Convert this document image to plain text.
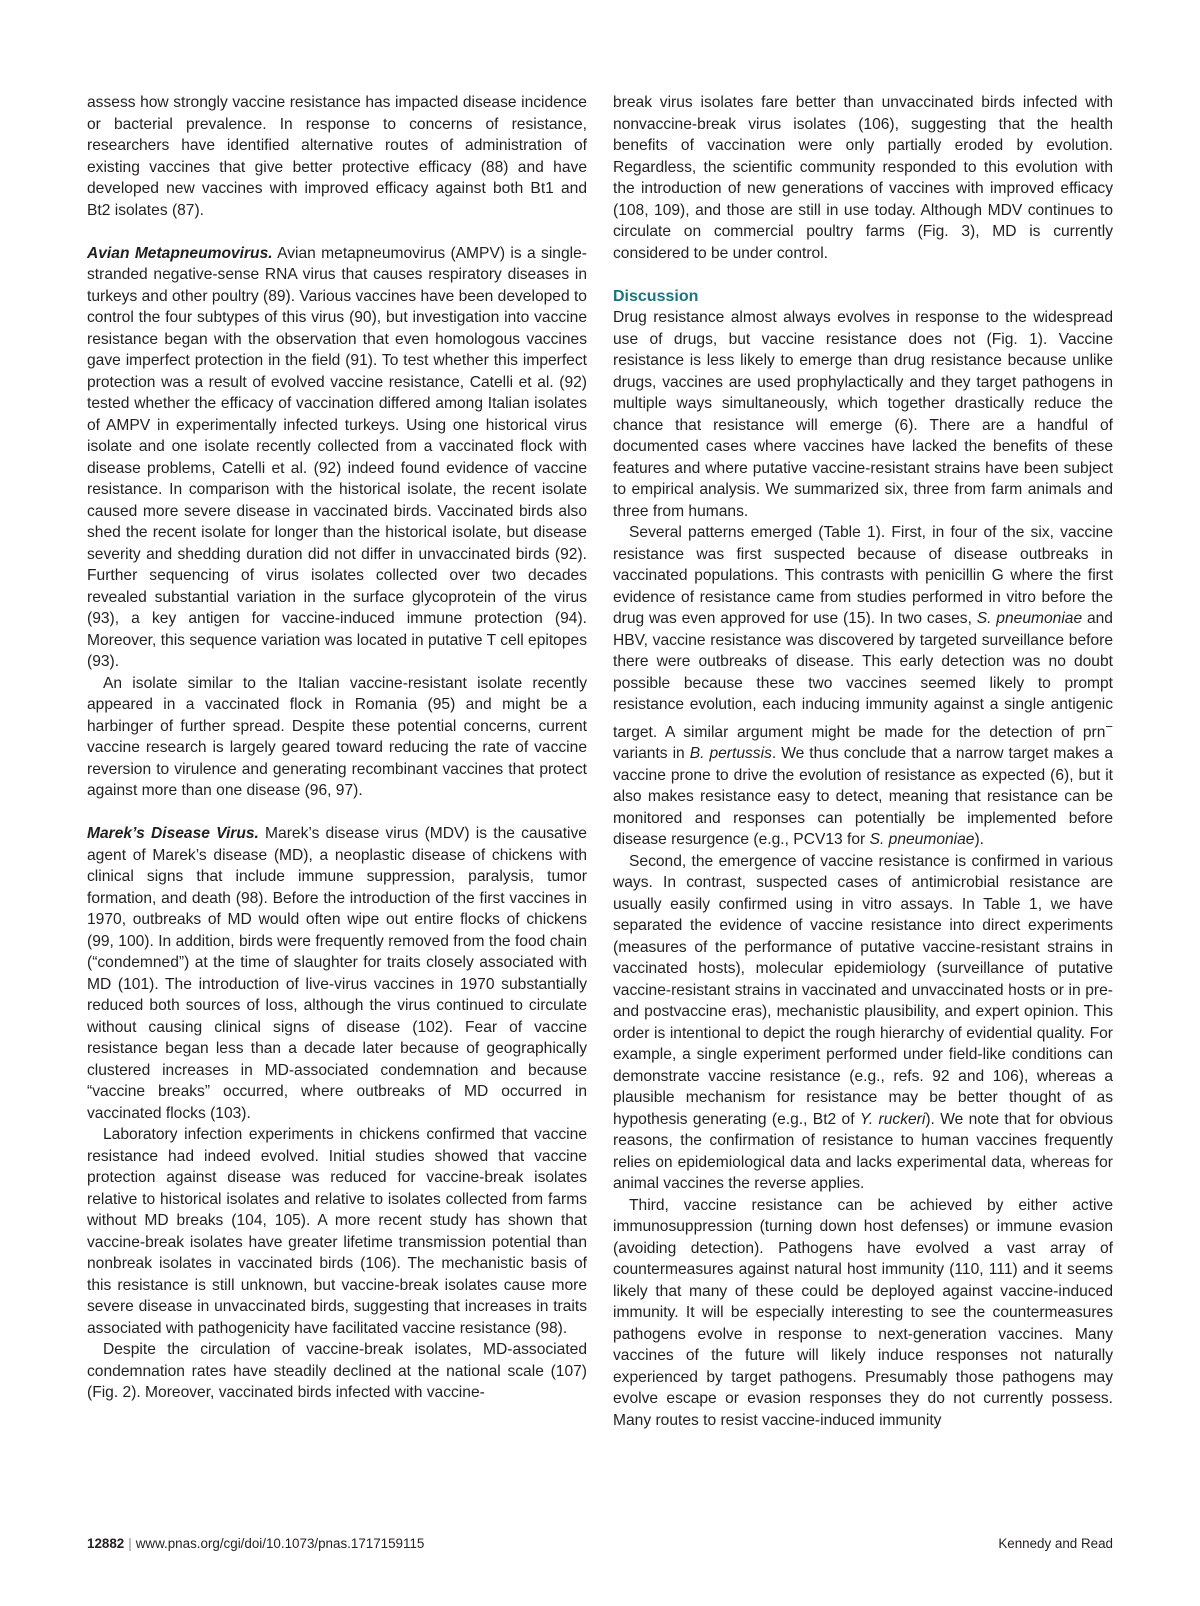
assess how strongly vaccine resistance has impacted disease incidence or bacterial prevalence. In response to concerns of resistance, researchers have identified alternative routes of administration of existing vaccines that give better protective efficacy (88) and have developed new vaccines with improved efficacy against both Bt1 and Bt2 isolates (87).

Avian Metapneumovirus. Avian metapneumovirus (AMPV) is a single-stranded negative-sense RNA virus that causes respiratory diseases in turkeys and other poultry (89). Various vaccines have been developed to control the four subtypes of this virus (90), but investigation into vaccine resistance began with the observation that even homologous vaccines gave imperfect protection in the field (91). To test whether this imperfect protection was a result of evolved vaccine resistance, Catelli et al. (92) tested whether the efficacy of vaccination differed among Italian isolates of AMPV in experimentally infected turkeys. Using one historical virus isolate and one isolate recently collected from a vaccinated flock with disease problems, Catelli et al. (92) indeed found evidence of vaccine resistance. In comparison with the historical isolate, the recent isolate caused more severe disease in vaccinated birds. Vaccinated birds also shed the recent isolate for longer than the historical isolate, but disease severity and shedding duration did not differ in unvaccinated birds (92). Further sequencing of virus isolates collected over two decades revealed substantial variation in the surface glycoprotein of the virus (93), a key antigen for vaccine-induced immune protection (94). Moreover, this sequence variation was located in putative T cell epitopes (93).

An isolate similar to the Italian vaccine-resistant isolate recently appeared in a vaccinated flock in Romania (95) and might be a harbinger of further spread. Despite these potential concerns, current vaccine research is largely geared toward reducing the rate of vaccine reversion to virulence and generating recombinant vaccines that protect against more than one disease (96, 97).

Marek’s Disease Virus. Marek’s disease virus (MDV) is the causative agent of Marek’s disease (MD), a neoplastic disease of chickens with clinical signs that include immune suppression, paralysis, tumor formation, and death (98). Before the introduction of the first vaccines in 1970, outbreaks of MD would often wipe out entire flocks of chickens (99, 100). In addition, birds were frequently removed from the food chain (“condemned”) at the time of slaughter for traits closely associated with MD (101). The introduction of live-virus vaccines in 1970 substantially reduced both sources of loss, although the virus continued to circulate without causing clinical signs of disease (102). Fear of vaccine resistance began less than a decade later because of geographically clustered increases in MD-associated condemnation and because “vaccine breaks” occurred, where outbreaks of MD occurred in vaccinated flocks (103).

Laboratory infection experiments in chickens confirmed that vaccine resistance had indeed evolved. Initial studies showed that vaccine protection against disease was reduced for vaccine-break isolates relative to historical isolates and relative to isolates collected from farms without MD breaks (104, 105). A more recent study has shown that vaccine-break isolates have greater lifetime transmission potential than nonbreak isolates in vaccinated birds (106). The mechanistic basis of this resistance is still unknown, but vaccine-break isolates cause more severe disease in unvaccinated birds, suggesting that increases in traits associated with pathogenicity have facilitated vaccine resistance (98).

Despite the circulation of vaccine-break isolates, MD-associated condemnation rates have steadily declined at the national scale (107) (Fig. 2). Moreover, vaccinated birds infected with vaccine-

break virus isolates fare better than unvaccinated birds infected with nonvaccine-break virus isolates (106), suggesting that the health benefits of vaccination were only partially eroded by evolution. Regardless, the scientific community responded to this evolution with the introduction of new generations of vaccines with improved efficacy (108, 109), and those are still in use today. Although MDV continues to circulate on commercial poultry farms (Fig. 3), MD is currently considered to be under control.

Discussion

Drug resistance almost always evolves in response to the widespread use of drugs, but vaccine resistance does not (Fig. 1). Vaccine resistance is less likely to emerge than drug resistance because unlike drugs, vaccines are used prophylactically and they target pathogens in multiple ways simultaneously, which together drastically reduce the chance that resistance will emerge (6). There are a handful of documented cases where vaccines have lacked the benefits of these features and where putative vaccine-resistant strains have been subject to empirical analysis. We summarized six, three from farm animals and three from humans.

Several patterns emerged (Table 1). First, in four of the six, vaccine resistance was first suspected because of disease outbreaks in vaccinated populations. This contrasts with penicillin G where the first evidence of resistance came from studies performed in vitro before the drug was even approved for use (15). In two cases, S. pneumoniae and HBV, vaccine resistance was discovered by targeted surveillance before there were outbreaks of disease. This early detection was no doubt possible because these two vaccines seemed likely to prompt resistance evolution, each inducing immunity against a single antigenic target. A similar argument might be made for the detection of prn− variants in B. pertussis. We thus conclude that a narrow target makes a vaccine prone to drive the evolution of resistance as expected (6), but it also makes resistance easy to detect, meaning that resistance can be monitored and responses can potentially be implemented before disease resurgence (e.g., PCV13 for S. pneumoniae).

Second, the emergence of vaccine resistance is confirmed in various ways. In contrast, suspected cases of antimicrobial resistance are usually easily confirmed using in vitro assays. In Table 1, we have separated the evidence of vaccine resistance into direct experiments (measures of the performance of putative vaccine-resistant strains in vaccinated hosts), molecular epidemiology (surveillance of putative vaccine-resistant strains in vaccinated and unvaccinated hosts or in pre- and postvaccine eras), mechanistic plausibility, and expert opinion. This order is intentional to depict the rough hierarchy of evidential quality. For example, a single experiment performed under field-like conditions can demonstrate vaccine resistance (e.g., refs. 92 and 106), whereas a plausible mechanism for resistance may be better thought of as hypothesis generating (e.g., Bt2 of Y. ruckeri). We note that for obvious reasons, the confirmation of resistance to human vaccines frequently relies on epidemiological data and lacks experimental data, whereas for animal vaccines the reverse applies.

Third, vaccine resistance can be achieved by either active immunosuppression (turning down host defenses) or immune evasion (avoiding detection). Pathogens have evolved a vast array of countermeasures against natural host immunity (110, 111) and it seems likely that many of these could be deployed against vaccine-induced immunity. It will be especially interesting to see the countermeasures pathogens evolve in response to next-generation vaccines. Many vaccines of the future will likely induce responses not naturally experienced by target pathogens. Presumably those pathogens may evolve escape or evasion responses they do not currently possess. Many routes to resist vaccine-induced immunity

12882 | www.pnas.org/cgi/doi/10.1073/pnas.1717159115	Kennedy and Read
